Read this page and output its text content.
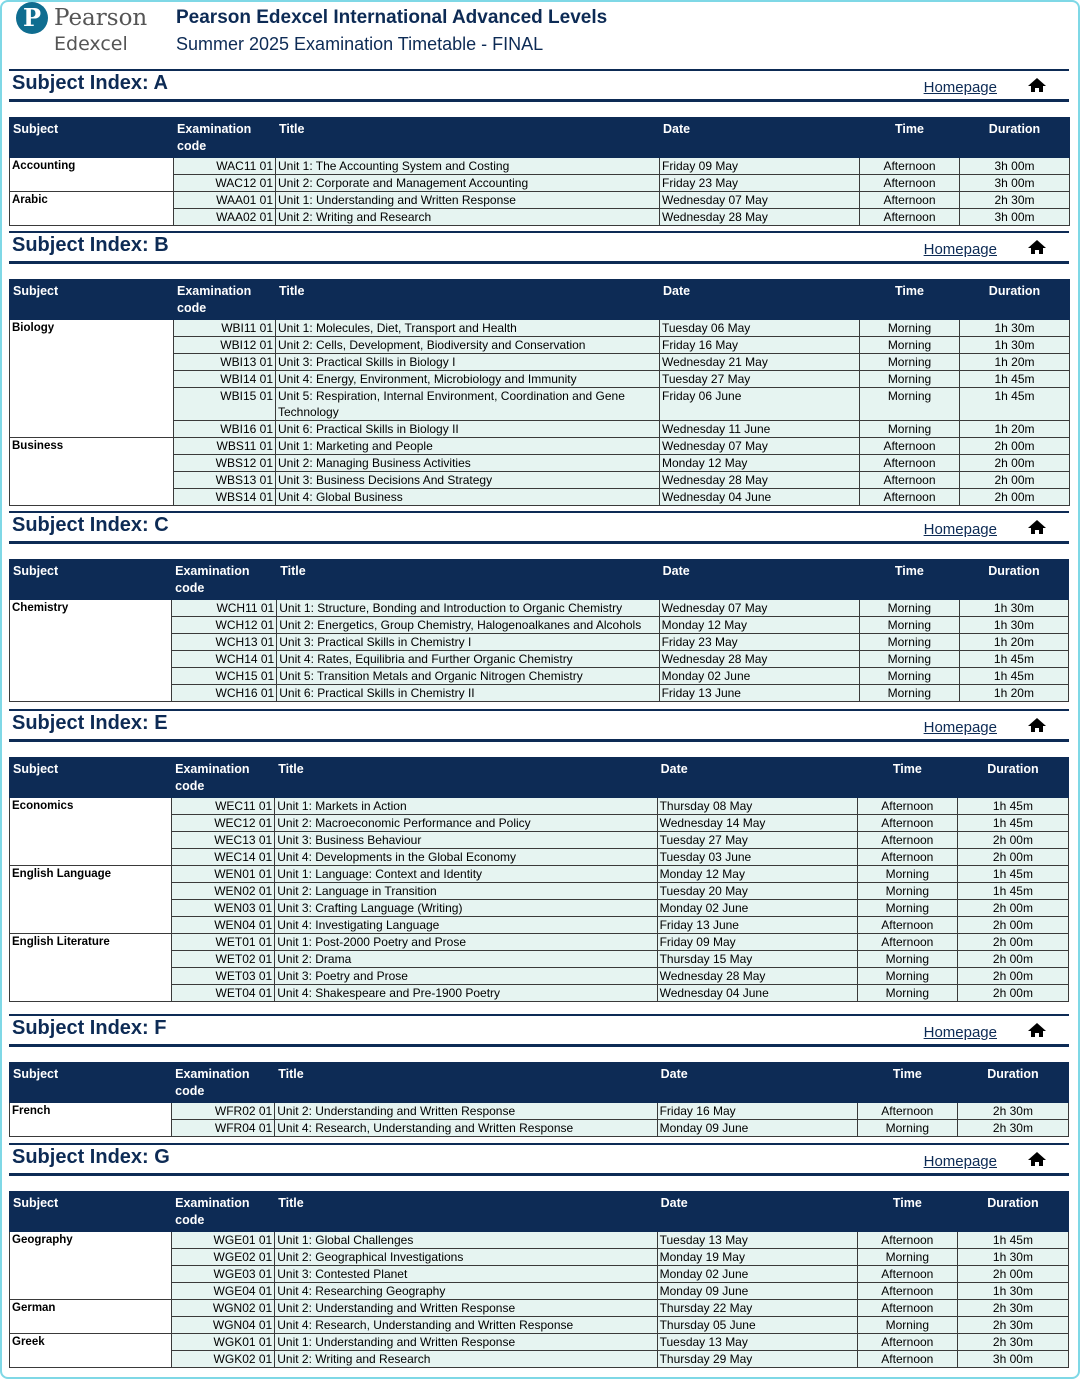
P Pearson
Edexcel
Pearson Edexcel International Advanced Levels
Summer 2025 Examination Timetable - FINAL
Subject Index: A	Homepage
Subject	Examination code	Title	Date	Time	Duration
Accounting	WAC11 01	Unit 1: The Accounting System and Costing	Friday 09 May	Afternoon	3h 00m
	WAC12 01	Unit 2: Corporate and Management Accounting	Friday 23 May	Afternoon	3h 00m
Arabic	WAA01 01	Unit 1: Understanding and Written Response	Wednesday 07 May	Afternoon	2h 30m
	WAA02 01	Unit 2: Writing and Research	Wednesday 28 May	Afternoon	3h 00m
Subject Index: B	Homepage
Subject	Examination code	Title	Date	Time	Duration
Biology	WBI11 01	Unit 1: Molecules, Diet, Transport and Health	Tuesday 06 May	Morning	1h 30m
	WBI12 01	Unit 2: Cells, Development, Biodiversity and Conservation	Friday 16 May	Morning	1h 30m
	WBI13 01	Unit 3: Practical Skills in Biology I	Wednesday 21 May	Morning	1h 20m
	WBI14 01	Unit 4: Energy, Environment, Microbiology and Immunity	Tuesday 27 May	Morning	1h 45m
	WBI15 01	Unit 5: Respiration, Internal Environment, Coordination and Gene Technology	Friday 06 June	Morning	1h 45m
	WBI16 01	Unit 6: Practical Skills in Biology II	Wednesday 11 June	Morning	1h 20m
Business	WBS11 01	Unit 1: Marketing and People	Wednesday 07 May	Afternoon	2h 00m
	WBS12 01	Unit 2: Managing Business Activities	Monday 12 May	Afternoon	2h 00m
	WBS13 01	Unit 3: Business Decisions And Strategy	Wednesday 28 May	Afternoon	2h 00m
	WBS14 01	Unit 4: Global Business	Wednesday 04 June	Afternoon	2h 00m
Subject Index: C	Homepage
Subject	Examination code	Title	Date	Time	Duration
Chemistry	WCH11 01	Unit 1: Structure, Bonding and Introduction to Organic Chemistry	Wednesday 07 May	Morning	1h 30m
	WCH12 01	Unit 2: Energetics, Group Chemistry, Halogenoalkanes and Alcohols	Monday 12 May	Morning	1h 30m
	WCH13 01	Unit 3: Practical Skills in Chemistry I	Friday 23 May	Morning	1h 20m
	WCH14 01	Unit 4: Rates, Equilibria and Further Organic Chemistry	Wednesday 28 May	Morning	1h 45m
	WCH15 01	Unit 5: Transition Metals and Organic Nitrogen Chemistry	Monday 02 June	Morning	1h 45m
	WCH16 01	Unit 6: Practical Skills in Chemistry II	Friday 13 June	Morning	1h 20m
Subject Index: E	Homepage
Subject	Examination code	Title	Date	Time	Duration
Economics	WEC11 01	Unit 1: Markets in Action	Thursday 08 May	Afternoon	1h 45m
	WEC12 01	Unit 2: Macroeconomic Performance and Policy	Wednesday 14 May	Afternoon	1h 45m
	WEC13 01	Unit 3: Business Behaviour	Tuesday 27 May	Afternoon	2h 00m
	WEC14 01	Unit 4: Developments in the Global Economy	Tuesday 03 June	Afternoon	2h 00m
English Language	WEN01 01	Unit 1: Language: Context and Identity	Monday 12 May	Morning	1h 45m
	WEN02 01	Unit 2: Language in Transition	Tuesday 20 May	Morning	1h 45m
	WEN03 01	Unit 3: Crafting Language (Writing)	Monday 02 June	Morning	2h 00m
	WEN04 01	Unit 4: Investigating Language	Friday 13 June	Afternoon	2h 00m
English Literature	WET01 01	Unit 1: Post-2000 Poetry and Prose	Friday 09 May	Afternoon	2h 00m
	WET02 01	Unit 2: Drama	Thursday 15 May	Morning	2h 00m
	WET03 01	Unit 3: Poetry and Prose	Wednesday 28 May	Morning	2h 00m
	WET04 01	Unit 4: Shakespeare and Pre-1900 Poetry	Wednesday 04 June	Morning	2h 00m
Subject Index: F	Homepage
Subject	Examination code	Title	Date	Time	Duration
French	WFR02 01	Unit 2: Understanding and Written Response	Friday 16 May	Afternoon	2h 30m
	WFR04 01	Unit 4: Research, Understanding and Written Response	Monday 09 June	Morning	2h 30m
Subject Index: G	Homepage
Subject	Examination code	Title	Date	Time	Duration
Geography	WGE01 01	Unit 1: Global Challenges	Tuesday 13 May	Afternoon	1h 45m
	WGE02 01	Unit 2: Geographical Investigations	Monday 19 May	Morning	1h 30m
	WGE03 01	Unit 3: Contested Planet	Monday 02 June	Afternoon	2h 00m
	WGE04 01	Unit 4: Researching Geography	Monday 09 June	Afternoon	1h 30m
German	WGN02 01	Unit 2: Understanding and Written Response	Thursday 22 May	Afternoon	2h 30m
	WGN04 01	Unit 4: Research, Understanding and Written Response	Thursday 05 June	Morning	2h 30m
Greek	WGK01 01	Unit 1: Understanding and Written Response	Tuesday 13 May	Afternoon	2h 30m
	WGK02 01	Unit 2: Writing and Research	Thursday 29 May	Afternoon	3h 00m
